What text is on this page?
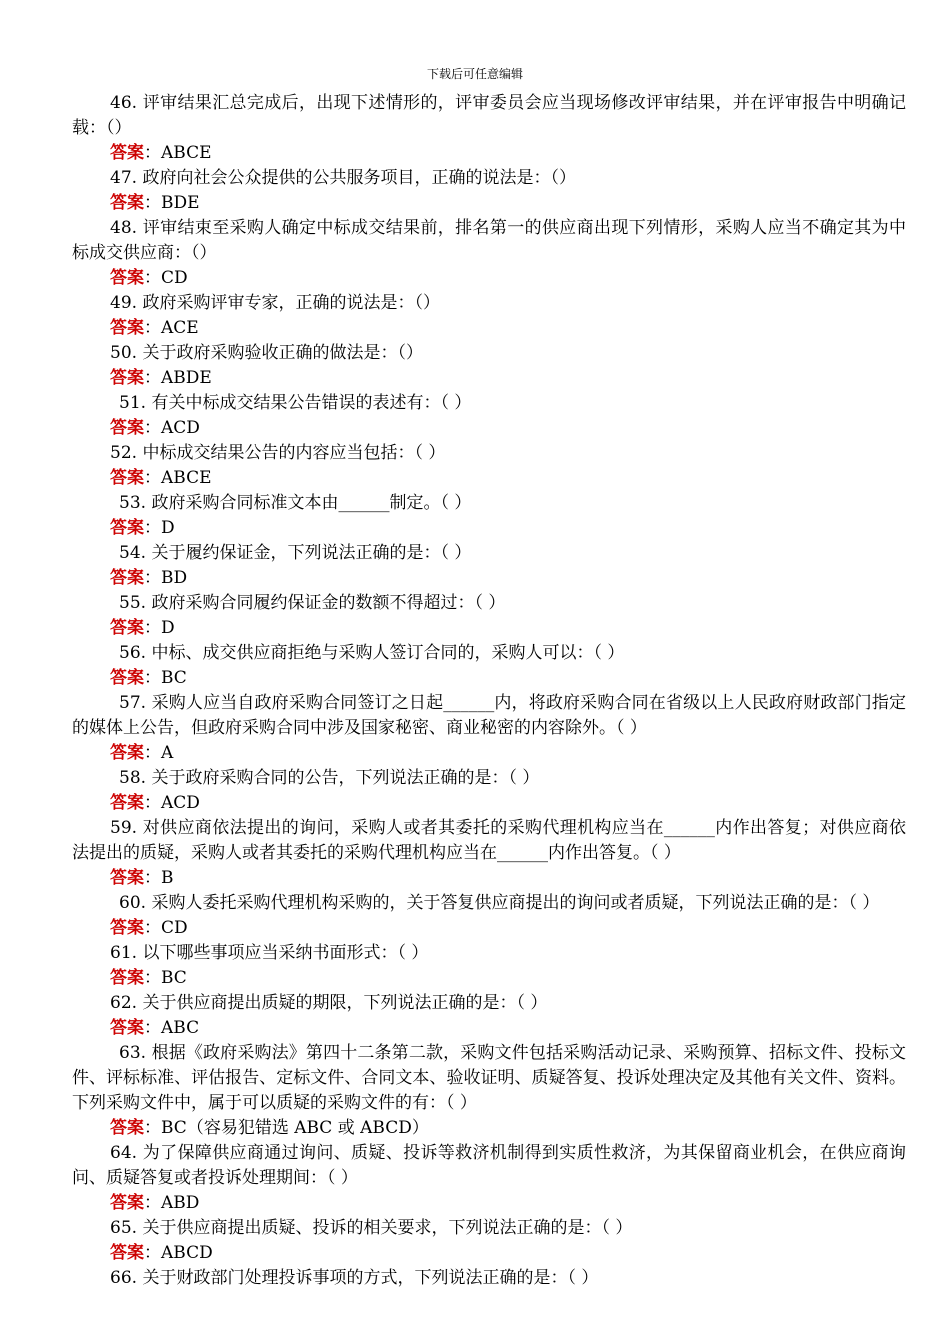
下载后可任意编辑

46. 评审结果汇总完成后，出现下述情形的，评审委员会应当现场修改评审结果，并在评审报告中明确记载：（）

答案：ABCE

47. 政府向社会公众提供的公共服务项目，正确的说法是：（）

答案：BDE

48. 评审结束至采购人确定中标成交结果前，排名第一的供应商出现下列情形，采购人应当不确定其为中标成交供应商：（）

答案：CD

49. 政府采购评审专家，正确的说法是：（）

答案：ACE

50. 关于政府采购验收正确的做法是：（）

答案：ABDE

51. 有关中标成交结果公告错误的表述有：（ ）

答案：ACD

52. 中标成交结果公告的内容应当包括：（ ）

答案：ABCE

53. 政府采购合同标准文本由______制定。（ ）

答案：D

54. 关于履约保证金，下列说法正确的是：（ ）

答案：BD

55. 政府采购合同履约保证金的数额不得超过：（ ）

答案：D

56. 中标、成交供应商拒绝与采购人签订合同的，采购人可以：（ ）

答案：BC

57. 采购人应当自政府采购合同签订之日起______内，将政府采购合同在省级以上人民政府财政部门指定的媒体上公告，但政府采购合同中涉及国家秘密、商业秘密的内容除外。（ ）

答案：A

58. 关于政府采购合同的公告，下列说法正确的是：（ ）

答案：ACD

59. 对供应商依法提出的询问，采购人或者其委托的采购代理机构应当在______内作出答复；对供应商依法提出的质疑，采购人或者其委托的采购代理机构应当在______内作出答复。（ ）

答案：B

60. 采购人委托采购代理机构采购的，关于答复供应商提出的询问或者质疑，下列说法正确的是：（ ）

答案：CD

61. 以下哪些事项应当采纳书面形式：（ ）

答案：BC

62. 关于供应商提出质疑的期限，下列说法正确的是：（ ）

答案：ABC

63. 根据《政府采购法》第四十二条第二款，采购文件包括采购活动记录、采购预算、招标文件、投标文件、评标标准、评估报告、定标文件、合同文本、验收证明、质疑答复、投诉处理决定及其他有关文件、资料。下列采购文件中，属于可以质疑的采购文件的有：（ ）

答案：BC（容易犯错选 ABC 或 ABCD）

64. 为了保障供应商通过询问、质疑、投诉等救济机制得到实质性救济，为其保留商业机会，在供应商询问、质疑答复或者投诉处理期间：（ ）

答案：ABD

65. 关于供应商提出质疑、投诉的相关要求，下列说法正确的是：（ ）

答案：ABCD

66. 关于财政部门处理投诉事项的方式，下列说法正确的是：（ ）
